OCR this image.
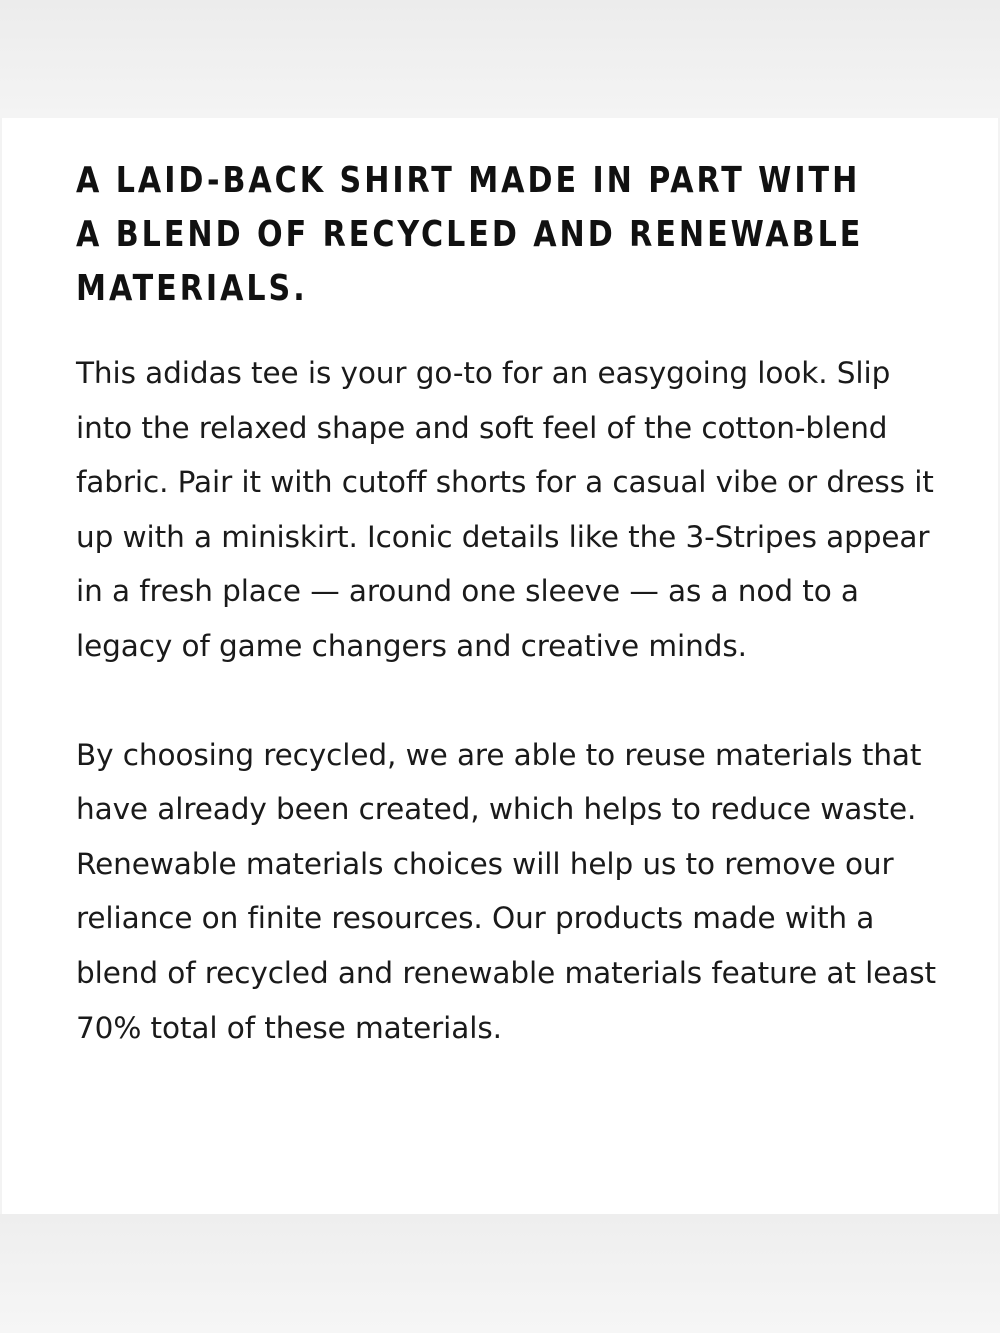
A LAID-BACK SHIRT MADE IN PART WITH A BLEND OF RECYCLED AND RENEWABLE MATERIALS.

This adidas tee is your go-to for an easygoing look. Slip into the relaxed shape and soft feel of the cotton-blend fabric. Pair it with cutoff shorts for a casual vibe or dress it up with a miniskirt. Iconic details like the 3-Stripes appear in a fresh place — around one sleeve — as a nod to a legacy of game changers and creative minds.

By choosing recycled, we are able to reuse materials that have already been created, which helps to reduce waste. Renewable materials choices will help us to remove our reliance on finite resources. Our products made with a blend of recycled and renewable materials feature at least 70% total of these materials.
